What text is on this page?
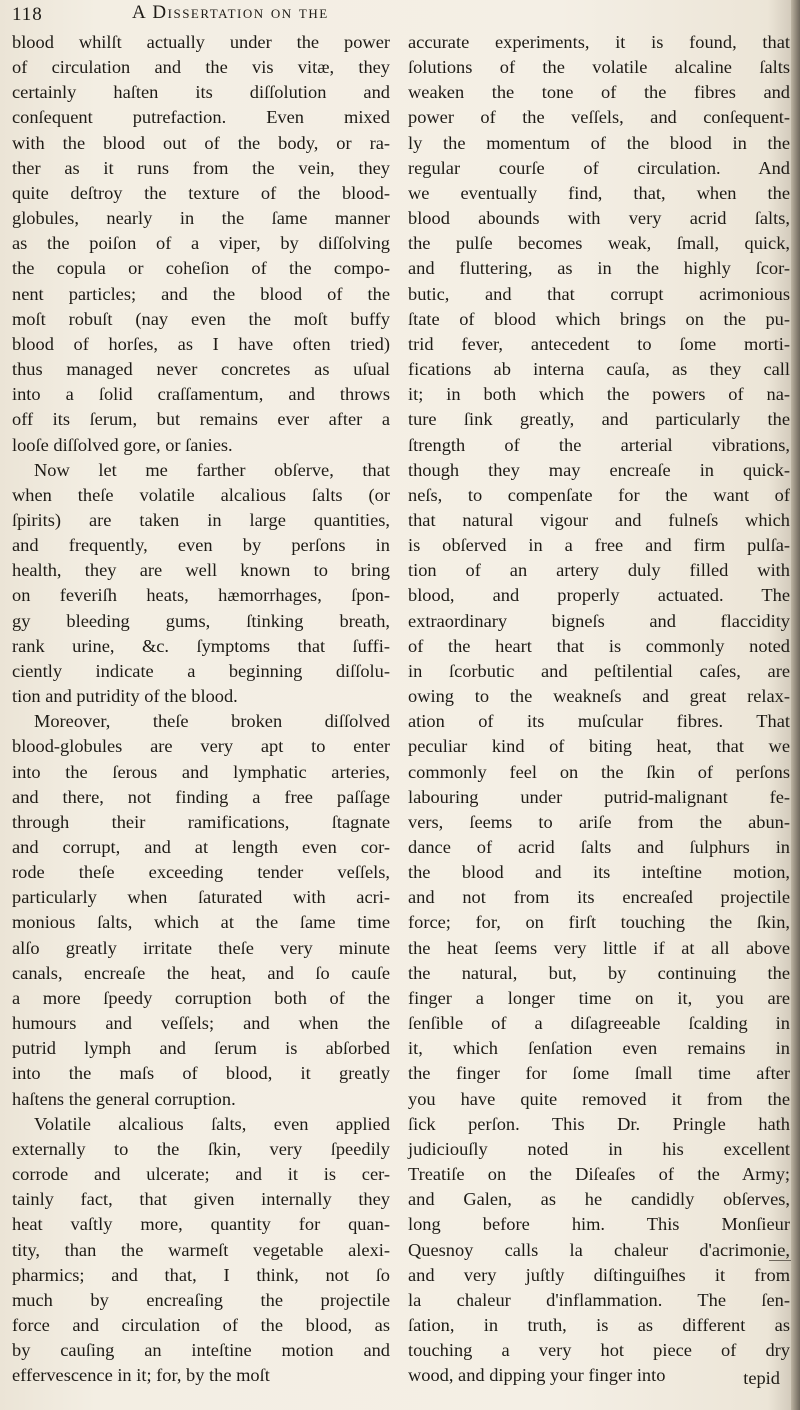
118	A Dissertation on the
blood whilſt actually under the power
of circulation and the vis vitæ, they
certainly haſten its diſſolution and
conſequent putrefaction. Even mixed
with the blood out of the body, or ra-
ther as it runs from the vein, they
quite deſtroy the texture of the blood-
globules, nearly in the ſame manner
as the poiſon of a viper, by diſſolving
the copula or coheſion of the compo-
nent particles; and the blood of the
moſt robuſt (nay even the moſt buffy
blood of horſes, as I have often tried)
thus managed never concretes as uſual
into a ſolid craſſamentum, and throws
off its ſerum, but remains ever after a
looſe diſſolved gore, or ſanies.
Now let me farther obſerve, that
when theſe volatile alcalious ſalts (or
ſpirits) are taken in large quantities,
and frequently, even by perſons in
health, they are well known to bring
on feveriſh heats, hæmorrhages, ſpon-
gy bleeding gums, ſtinking breath,
rank urine, &c. ſymptoms that ſuffi-
ciently indicate a beginning diſſolu-
tion and putridity of the blood.
Moreover, theſe broken diſſolved
blood-globules are very apt to enter
into the ſerous and lymphatic arteries,
and there, not finding a free paſſage
through their ramifications, ſtagnate
and corrupt, and at length even cor-
rode theſe exceeding tender veſſels,
particularly when ſaturated with acri-
monious ſalts, which at the ſame time
alſo greatly irritate theſe very minute
canals, encreaſe the heat, and ſo cauſe
a more ſpeedy corruption both of the
humours and veſſels; and when the
putrid lymph and ſerum is abſorbed
into the maſs of blood, it greatly
haſtens the general corruption.
Volatile alcalious ſalts, even applied
externally to the ſkin, very ſpeedily
corrode and ulcerate; and it is cer-
tainly fact, that given internally they
heat vaſtly more, quantity for quan-
tity, than the warmeſt vegetable alexi-
pharmics; and that, I think, not ſo
much by encreaſing the projectile
force and circulation of the blood, as
by cauſing an inteſtine motion and
effervescence in it; for, by the moſt
accurate experiments, it is found, that
ſolutions of the volatile alcaline ſalts
weaken the tone of the fibres and
power of the veſſels, and conſequent-
ly the momentum of the blood in the
regular courſe of circulation. And
we eventually find, that, when the
blood abounds with very acrid ſalts,
the pulſe becomes weak, ſmall, quick,
and fluttering, as in the highly ſcor-
butic, and that corrupt acrimonious
ſtate of blood which brings on the pu-
trid fever, antecedent to ſome morti-
fications ab interna cauſa, as they call
it; in both which the powers of na-
ture ſink greatly, and particularly the
ſtrength of the arterial vibrations,
though they may encreaſe in quick-
neſs, to compenſate for the want of
that natural vigour and fulneſs which
is obſerved in a free and firm pulſa-
tion of an artery duly filled with
blood, and properly actuated. The
extraordinary bigneſs and flaccidity
of the heart that is commonly noted
in ſcorbutic and peſtilential caſes, are
owing to the weakneſs and great relax-
ation of its muſcular fibres. That
peculiar kind of biting heat, that we
commonly feel on the ſkin of perſons
labouring under putrid-malignant fe-
vers, ſeems to ariſe from the abun-
dance of acrid ſalts and ſulphurs in
the blood and its inteſtine motion,
and not from its encreaſed projectile
force; for, on firſt touching the ſkin,
the heat ſeems very little if at all above
the natural, but, by continuing the
finger a longer time on it, you are
ſenſible of a diſagreeable ſcalding in
it, which ſenſation even remains in
the finger for ſome ſmall time after
you have quite removed it from the
ſick perſon. This Dr. Pringle hath
judiciouſly noted in his excellent
Treatiſe on the Diſeaſes of the Army;
and Galen, as he candidly obſerves,
long before him. This Monſieur
Quesnoy calls la chaleur d'acrimonie,
and very juſtly diſtinguiſhes it from
la chaleur d'inflammation. The ſen-
ſation, in truth, is as different as
touching a very hot piece of dry
wood, and dipping your finger into	tepid
